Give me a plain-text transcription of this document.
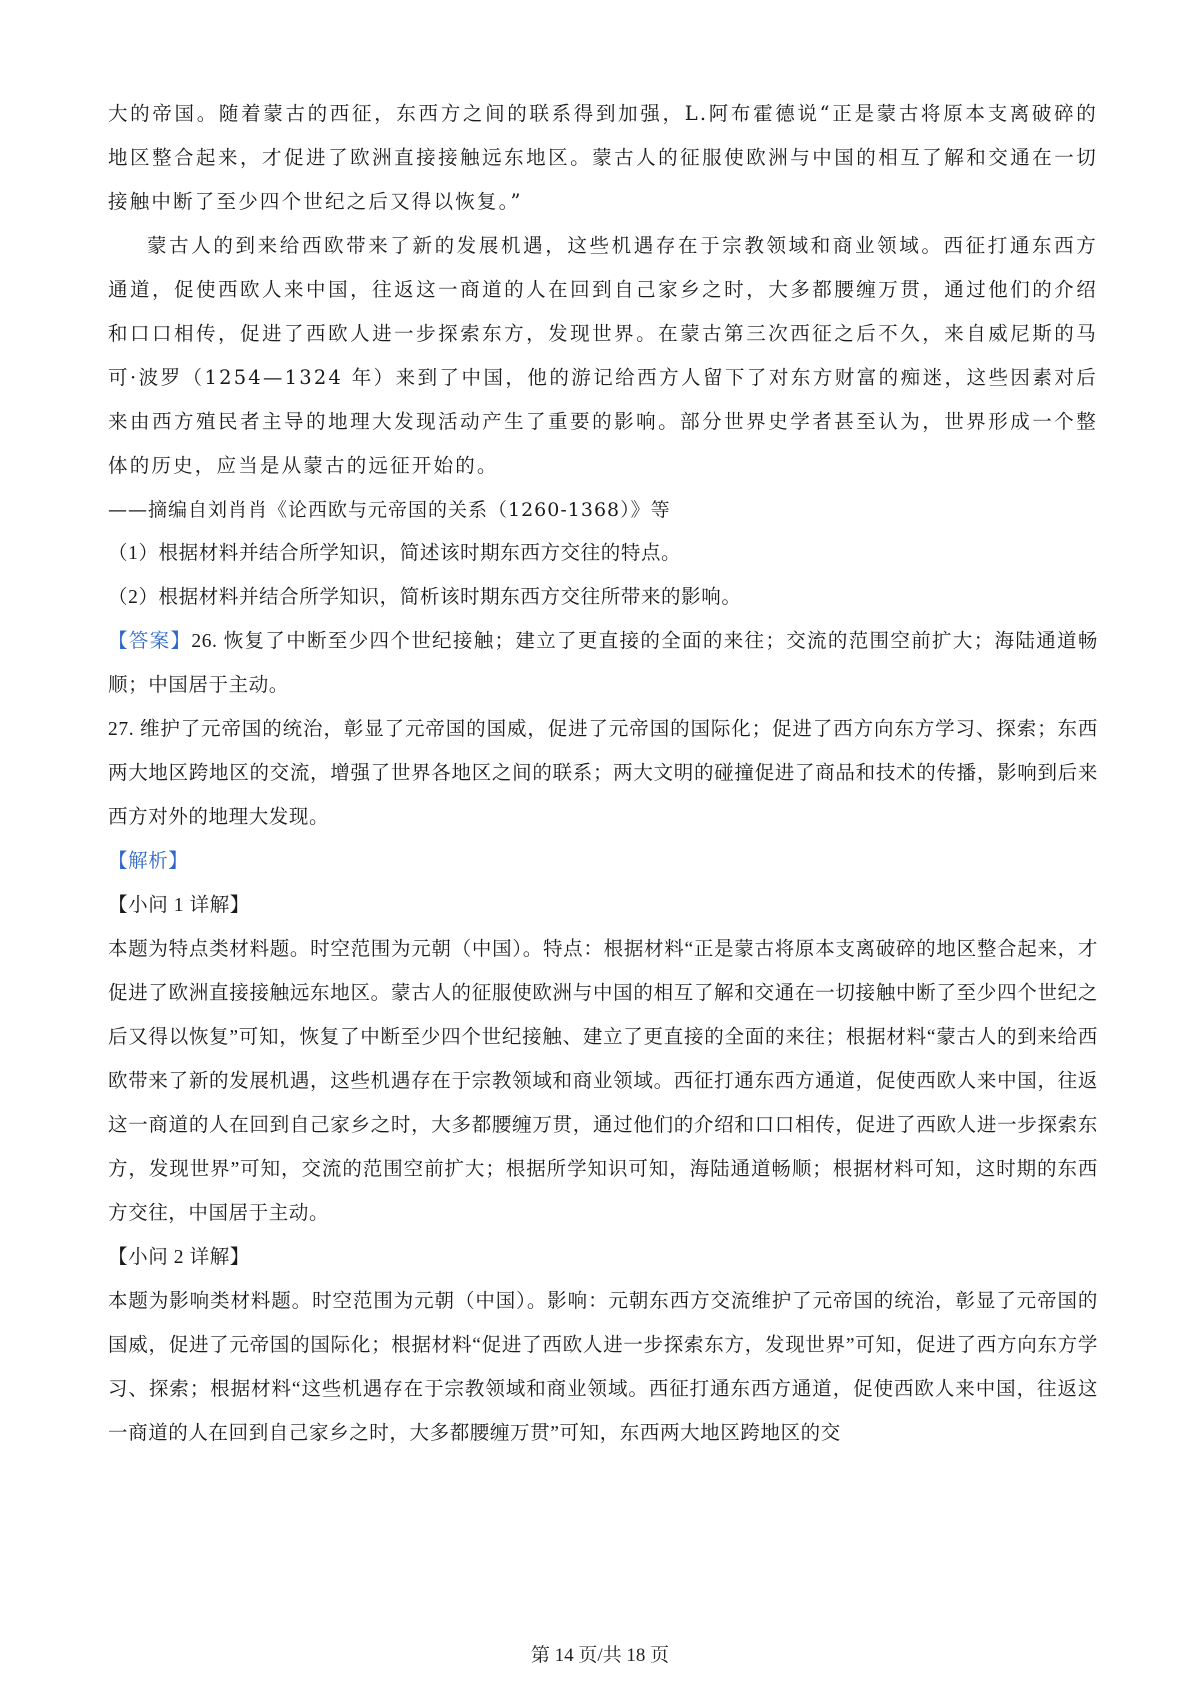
大的帝国。随着蒙古的西征，东西方之间的联系得到加强，L.阿布霍德说“正是蒙古将原本支离破碎的地区整合起来，才促进了欧洲直接接触远东地区。蒙古人的征服使欧洲与中国的相互了解和交通在一切接触中断了至少四个世纪之后又得以恢复。”

蒙古人的到来给西欧带来了新的发展机遇，这些机遇存在于宗教领域和商业领域。西征打通东西方通道，促使西欧人来中国，往返这一商道的人在回到自己家乡之时，大多都腰缠万贯，通过他们的介绍和口口相传，促进了西欧人进一步探索东方，发现世界。在蒙古第三次西征之后不久，来自威尼斯的马可·波罗（1254—1324 年）来到了中国，他的游记给西方人留下了对东方财富的痴迷，这些因素对后来由西方殖民者主导的地理大发现活动产生了重要的影响。部分世界史学者甚至认为，世界形成一个整体的历史，应当是从蒙古的远征开始的。

——摘编自刘肖肖《论西欧与元帝国的关系（1260-1368）》等

（1）根据材料并结合所学知识，简述该时期东西方交往的特点。

（2）根据材料并结合所学知识，简析该时期东西方交往所带来的影响。

【答案】26. 恢复了中断至少四个世纪接触；建立了更直接的全面的来往；交流的范围空前扩大；海陆通道畅顺；中国居于主动。

27. 维护了元帝国的统治，彰显了元帝国的国威，促进了元帝国的国际化；促进了西方向东方学习、探索；东西两大地区跨地区的交流，增强了世界各地区之间的联系；两大文明的碰撞促进了商品和技术的传播，影响到后来西方对外的地理大发现。

【解析】

【小问 1 详解】

本题为特点类材料题。时空范围为元朝（中国）。特点：根据材料“正是蒙古将原本支离破碎的地区整合起来，才促进了欧洲直接接触远东地区。蒙古人的征服使欧洲与中国的相互了解和交通在一切接触中断了至少四个世纪之后又得以恢复”可知，恢复了中断至少四个世纪接触、建立了更直接的全面的来往；根据材料“蒙古人的到来给西欧带来了新的发展机遇，这些机遇存在于宗教领域和商业领域。西征打通东西方通道，促使西欧人来中国，往返这一商道的人在回到自己家乡之时，大多都腰缠万贯，通过他们的介绍和口口相传，促进了西欧人进一步探索东方，发现世界”可知，交流的范围空前扩大；根据所学知识可知，海陆通道畅顺；根据材料可知，这时期的东西方交往，中国居于主动。

【小问 2 详解】

本题为影响类材料题。时空范围为元朝（中国）。影响：元朝东西方交流维护了元帝国的统治，彰显了元帝国的国威，促进了元帝国的国际化；根据材料“促进了西欧人进一步探索东方，发现世界”可知，促进了西方向东方学习、探索；根据材料“这些机遇存在于宗教领域和商业领域。西征打通东西方通道，促使西欧人来中国，往返这一商道的人在回到自己家乡之时，大多都腰缠万贯”可知，东西两大地区跨地区的交

第 14 页/共 18 页
